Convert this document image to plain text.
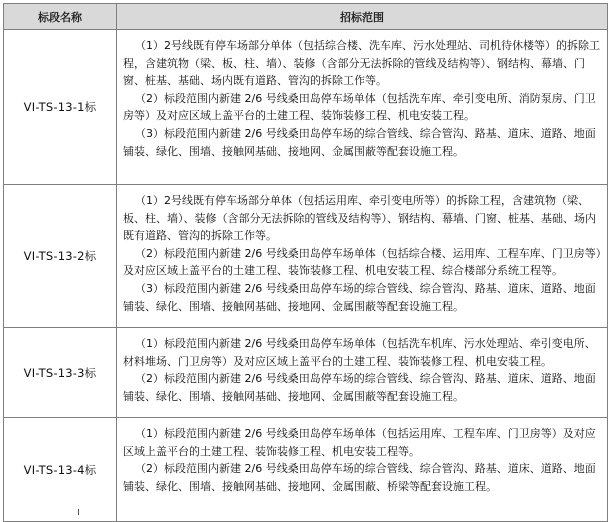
标段名称	招标范围
VI-TS-13-1标	（1）2号线既有停车场部分单体（包括综合楼、洗车库、污水处理站、司机待休楼等）的拆除工程，含建筑物（梁、板、柱、墙）、装修（含部分无法拆除的管线及结构等）、钢结构、幕墙、门窗、桩基、基础、场内既有道路、管沟的拆除工作等。

（2）标段范围内新建 2/6 号线桑田岛停车场单体（包括洗车库、牵引变电所、消防泵房、门卫房等）及对应区域上盖平台的土建工程、装饰装修工程、机电安装工程。

（3）标段范围内新建 2/6 号线桑田岛停车场的综合管线、综合管沟、路基、道床、道路、地面铺装、绿化、围墙、接触网基础、接地网、金属围蔽等配套设施工程。

VI-TS-13-2标	（1）2号线既有停车场部分单体（包括运用库、牵引变电所等）的拆除工程，含建筑物（梁、板、柱、墙）、装修（含部分无法拆除的管线及结构等）、钢结构、幕墙、门窗、桩基、基础、场内既有道路、管沟的拆除工作等。

（2）标段范围内新建 2/6 号线桑田岛停车场单体（包括综合楼、运用库、工程车库、门卫房等）及对应区域上盖平台的土建工程、装饰装修工程、机电安装工程、综合楼部分系统工程等。

（3）标段范围内新建 2/6 号线桑田岛停车场的综合管线、综合管沟、路基、道床、道路、地面铺装、绿化、围墙、接触网基础、接地网、金属围蔽等配套设施工程。

VI-TS-13-3标	（1）标段范围内新建 2/6 号线桑田岛停车场单体（包括洗车机库、污水处理站、牵引变电所、材料堆场、门卫房等）及对应区域上盖平台的土建工程、装饰装修工程、机电安装工程。

（2）标段范围内新建 2/6 号线桑田岛停车场的综合管线、综合管沟、路基、道床、道路、地面铺装、绿化、围墙、接触网基础、接地网、金属围蔽等配套设施工程。

VI-TS-13-4标	（1）标段范围内新建 2/6 号线桑田岛停车场单体（包括运用库、工程车库、门卫房等）及对应区域上盖平台的土建工程、装饰装修工程、机电安装工程等。

（2）标段范围内新建 2/6 号线桑田岛停车场的综合管线、综合管沟、路基、道床、道路、地面铺装、绿化、围墙、接触网基础、接地网、金属围蔽、桥梁等配套设施工程。
